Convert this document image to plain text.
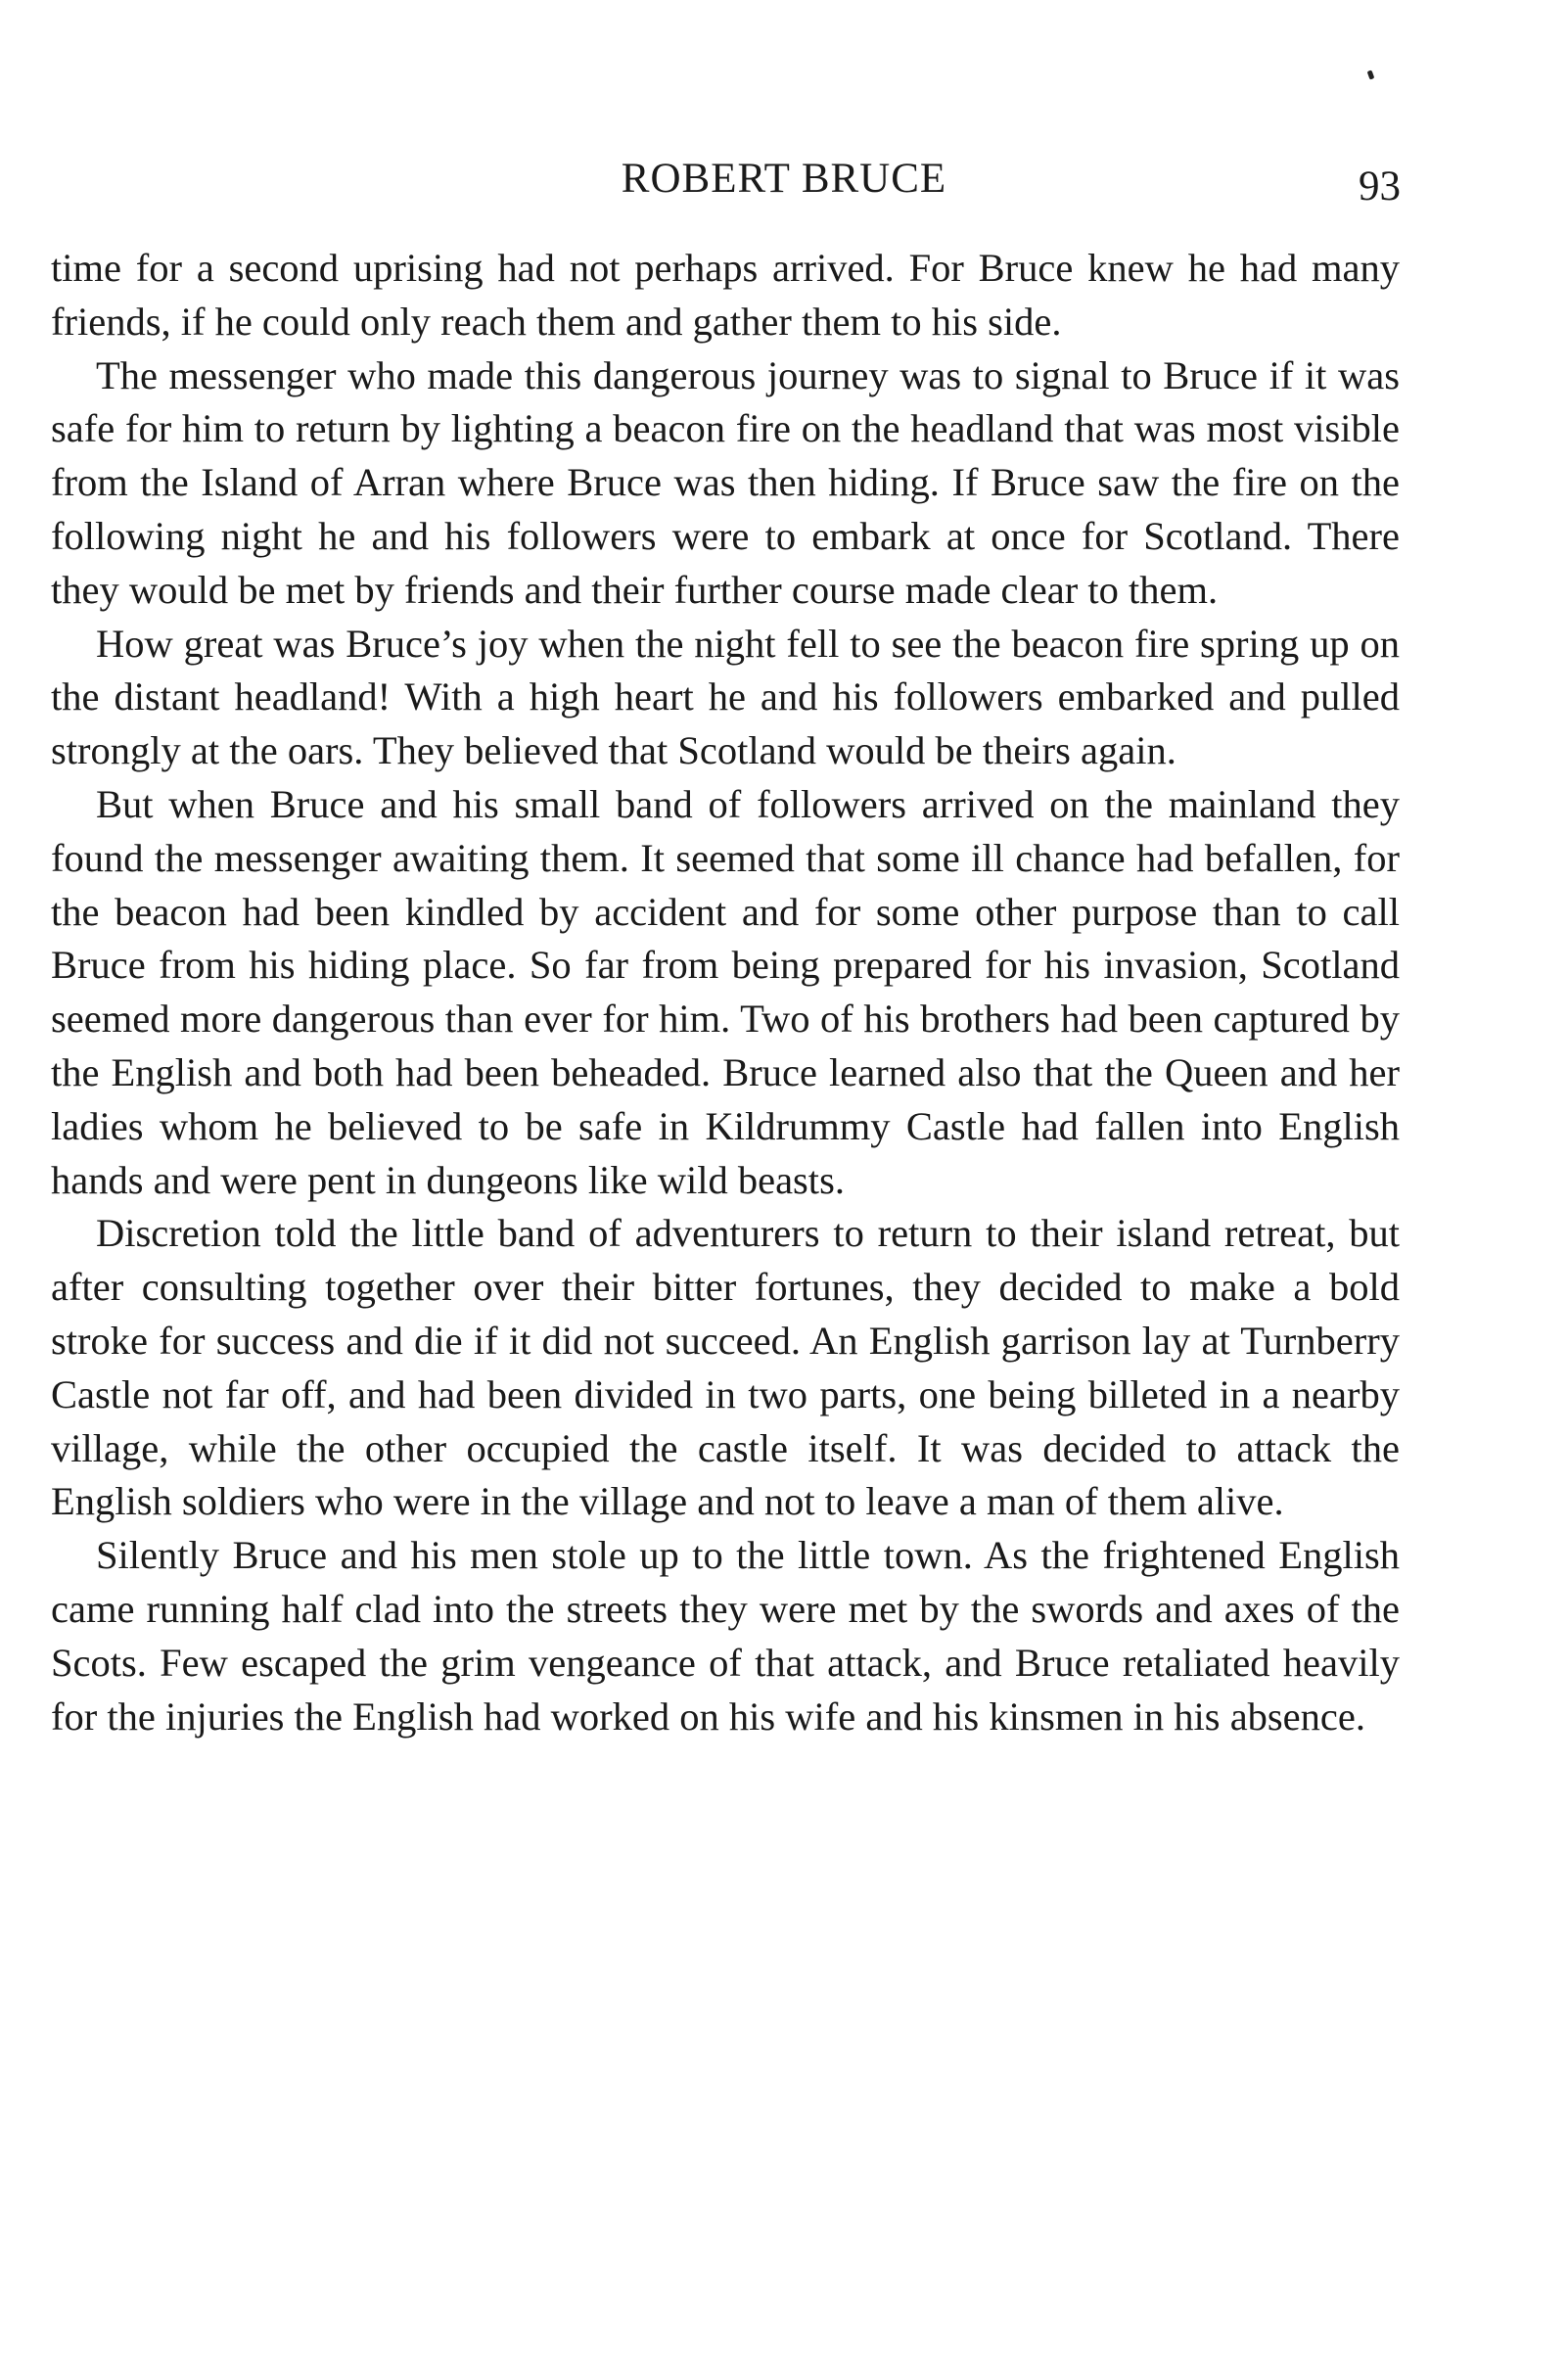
ROBERT BRUCE	93

time for a second uprising had not perhaps arrived. For Bruce knew he had many friends, if he could only reach them and gather them to his side.

The messenger who made this dangerous journey was to signal to Bruce if it was safe for him to return by lighting a beacon fire on the headland that was most visible from the Island of Arran where Bruce was then hiding. If Bruce saw the fire on the following night he and his followers were to embark at once for Scotland. There they would be met by friends and their further course made clear to them.

How great was Bruce’s joy when the night fell to see the beacon fire spring up on the distant headland! With a high heart he and his followers embarked and pulled strongly at the oars. They believed that Scotland would be theirs again.

But when Bruce and his small band of followers arrived on the mainland they found the messenger awaiting them. It seemed that some ill chance had befallen, for the beacon had been kindled by accident and for some other purpose than to call Bruce from his hiding place. So far from being prepared for his invasion, Scotland seemed more dangerous than ever for him. Two of his brothers had been captured by the English and both had been beheaded. Bruce learned also that the Queen and her ladies whom he believed to be safe in Kildrummy Castle had fallen into English hands and were pent in dungeons like wild beasts.

Discretion told the little band of adventurers to return to their island retreat, but after consulting together over their bitter fortunes, they decided to make a bold stroke for success and die if it did not succeed. An English garrison lay at Turnberry Castle not far off, and had been divided in two parts, one being billeted in a nearby village, while the other occupied the castle itself. It was decided to attack the English soldiers who were in the village and not to leave a man of them alive.

Silently Bruce and his men stole up to the little town. As the frightened English came running half clad into the streets they were met by the swords and axes of the Scots. Few escaped the grim vengeance of that attack, and Bruce retaliated heavily for the injuries the English had worked on his wife and his kinsmen in his absence.
